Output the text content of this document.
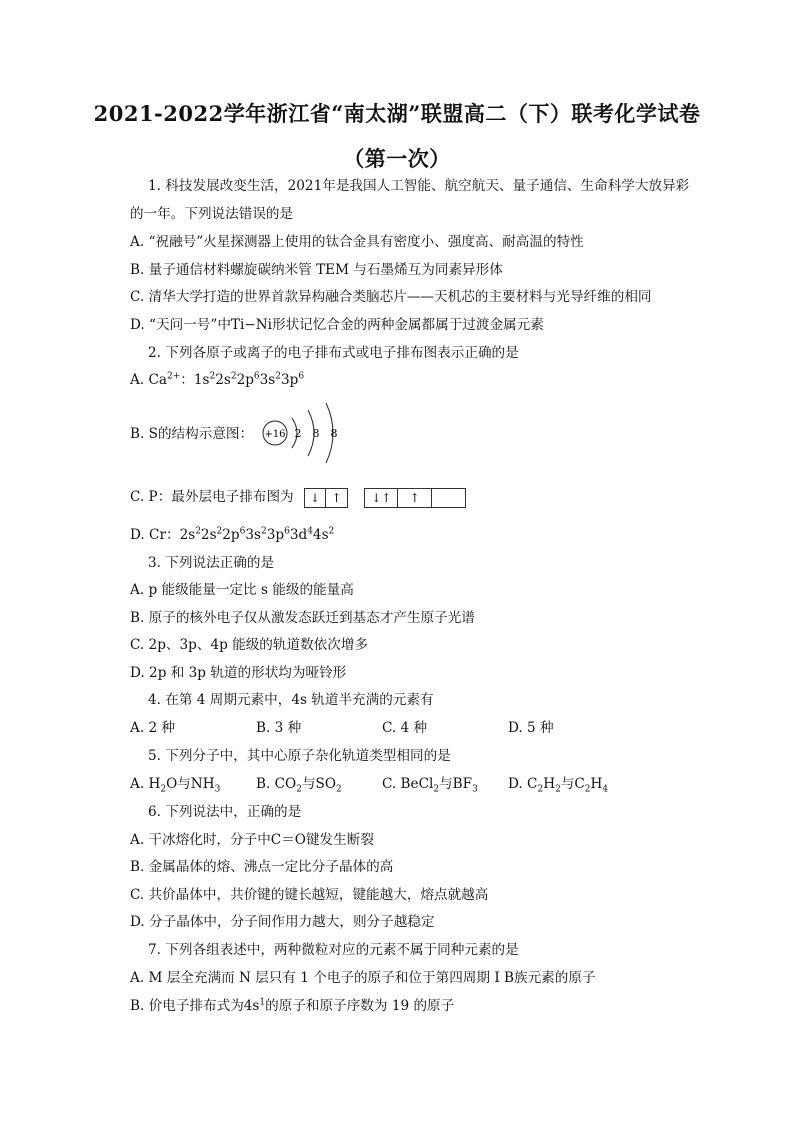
2021-2022学年浙江省“南太湖”联盟高二（下）联考化学试卷
（第一次）
1. 科技发展改变生活，2021年是我国人工智能、航空航天、量子通信、生命科学大放异彩
的一年。下列说法错误的是
A. “祝融号”火星探测器上使用的钛合金具有密度小、强度高、耐高温的特性
B. 量子通信材料螺旋碳纳米管 TEM 与石墨烯互为同素异形体
C. 清华大学打造的世界首款异构融合类脑芯片——天机芯的主要材料与光导纤维的相同
D. “天问一号”中Ti−Ni形状记忆合金的两种金属都属于过渡金属元素
2. 下列各原子或离子的电子排布式或电子排布图表示正确的是
A. $Ca^{2+}$：$1s^22s^22p^63s^23p^6$
B. S的结构示意图： +16 2 8 8
C. P：最外层电子排布图为 ↓ ↑ ↓↑ ↑
D. Cr：$2s^22s^22p^63s^23p^63d^44s^2$
3. 下列说法正确的是
A. p 能级能量一定比 s 能级的能量高
B. 原子的核外电子仅从激发态跃迁到基态才产生原子光谱
C. 2p、3p、4p 能级的轨道数依次增多
D. 2p 和 3p 轨道的形状均为哑铃形
4. 在第 4 周期元素中，4s 轨道半充满的元素有
A. 2 种	B. 3 种	C. 4 种	D. 5 种
5. 下列分子中，其中心原子杂化轨道类型相同的是
A. $H_2O$与$NH_3$	B. $CO_2$与$SO_2$	C. BeCl$_2$与$BF_3$ D. $C_2H_2$与$C_2H_4$
6. 下列说法中，正确的是
A. 干冰熔化时，分子中C＝O键发生断裂
B. 金属晶体的熔、沸点一定比分子晶体的高
C. 共价晶体中，共价键的键长越短，键能越大，熔点就越高
D. 分子晶体中，分子间作用力越大，则分子越稳定
7. 下列各组表述中，两种微粒对应的元素不属于同种元素的是
A. M 层全充满而 N 层只有 1 个电子的原子和位于第四周期 I B族元素的原子
B. 价电子排布式为$4s^1$的原子和原子序数为 19 的原子
